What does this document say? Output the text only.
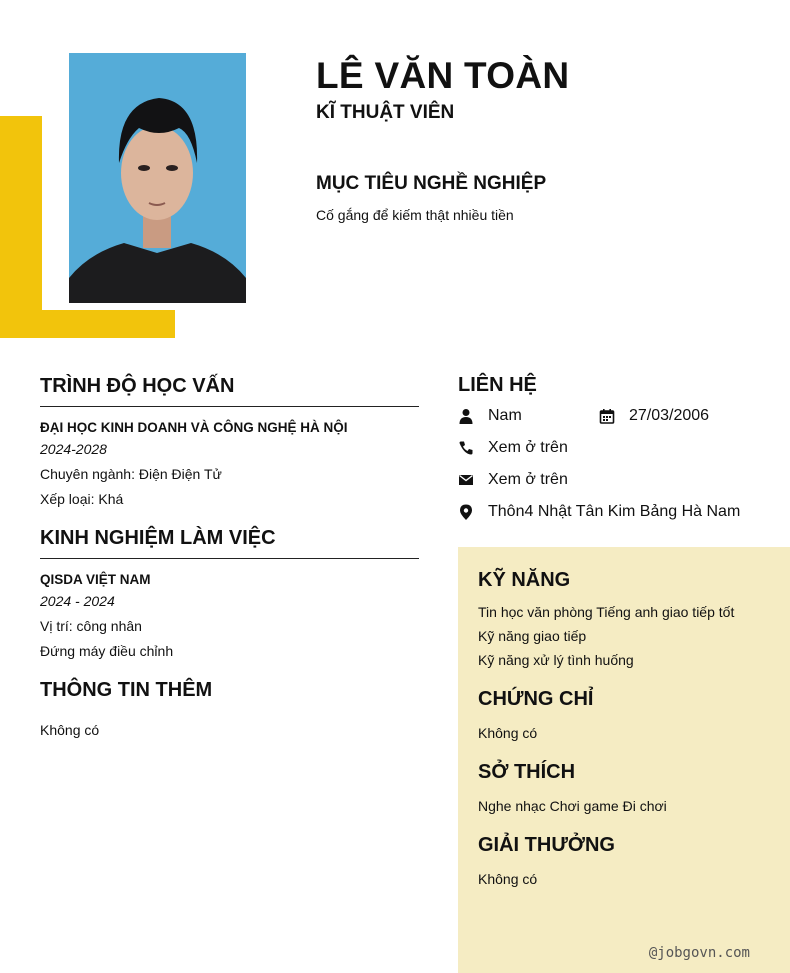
LÊ VĂN TOÀN
KĨ THUẬT VIÊN
MỤC TIÊU NGHỀ NGHIỆP
Cố gắng để kiếm thật nhiều tiền
TRÌNH ĐỘ HỌC VẤN
ĐẠI HỌC KINH DOANH VÀ CÔNG NGHỆ HÀ NỘI
2024-2028
Chuyên ngành: Điện Điện Tử
Xếp loại: Khá
KINH NGHIỆM LÀM VIỆC
QISDA VIỆT NAM
2024 - 2024
Vị trí: công nhân
Đứng máy điều chỉnh
THÔNG TIN THÊM
Không có
LIÊN HỆ
Nam	27/03/2006
Xem ở trên
Xem ở trên
Thôn4 Nhật Tân Kim Bảng Hà Nam
KỸ NĂNG
Tin học văn phòng Tiếng anh giao tiếp tốt
Kỹ năng giao tiếp
Kỹ năng xử lý tình huống
CHỨNG CHỈ
Không có
SỞ THÍCH
Nghe nhạc Chơi game Đi chơi
GIẢI THƯỞNG
Không có
@jobgovn.com
